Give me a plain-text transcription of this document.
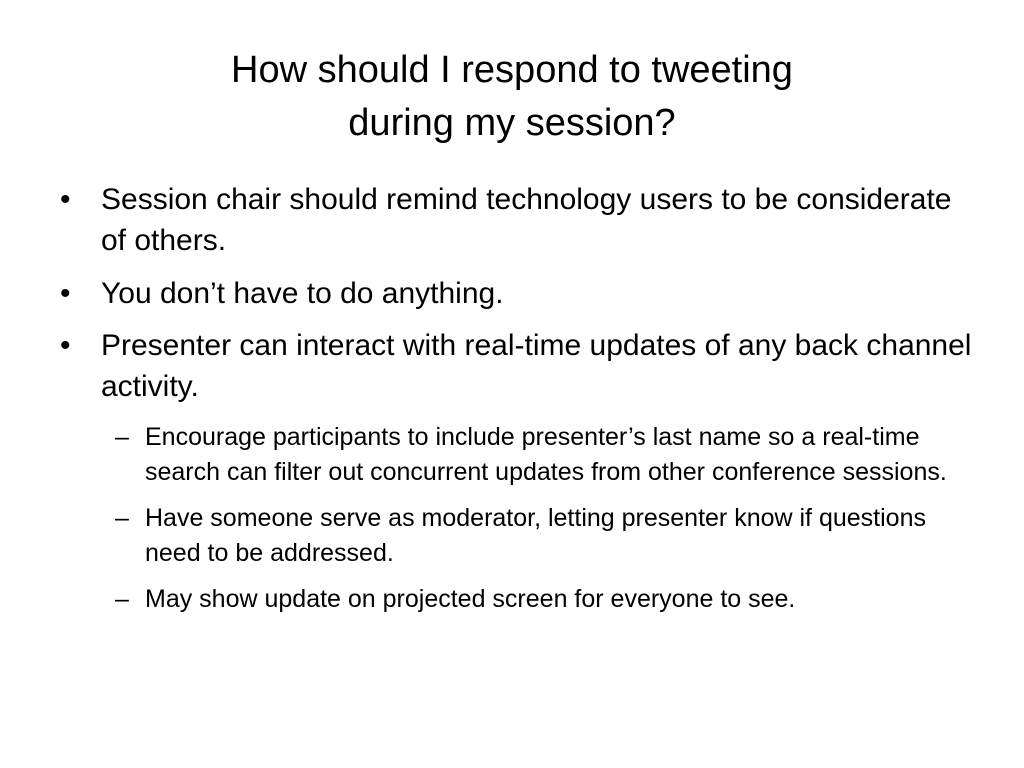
How should I respond to tweeting
during my session?
• Session chair should remind technology users to be considerate of others.
• You don’t have to do anything.
• Presenter can interact with real-time updates of any back channel activity.
– Encourage participants to include presenter’s last name so a real-time search can filter out concurrent updates from other conference sessions.
– Have someone serve as moderator, letting presenter know if questions need to be addressed.
– May show update on projected screen for everyone to see.
